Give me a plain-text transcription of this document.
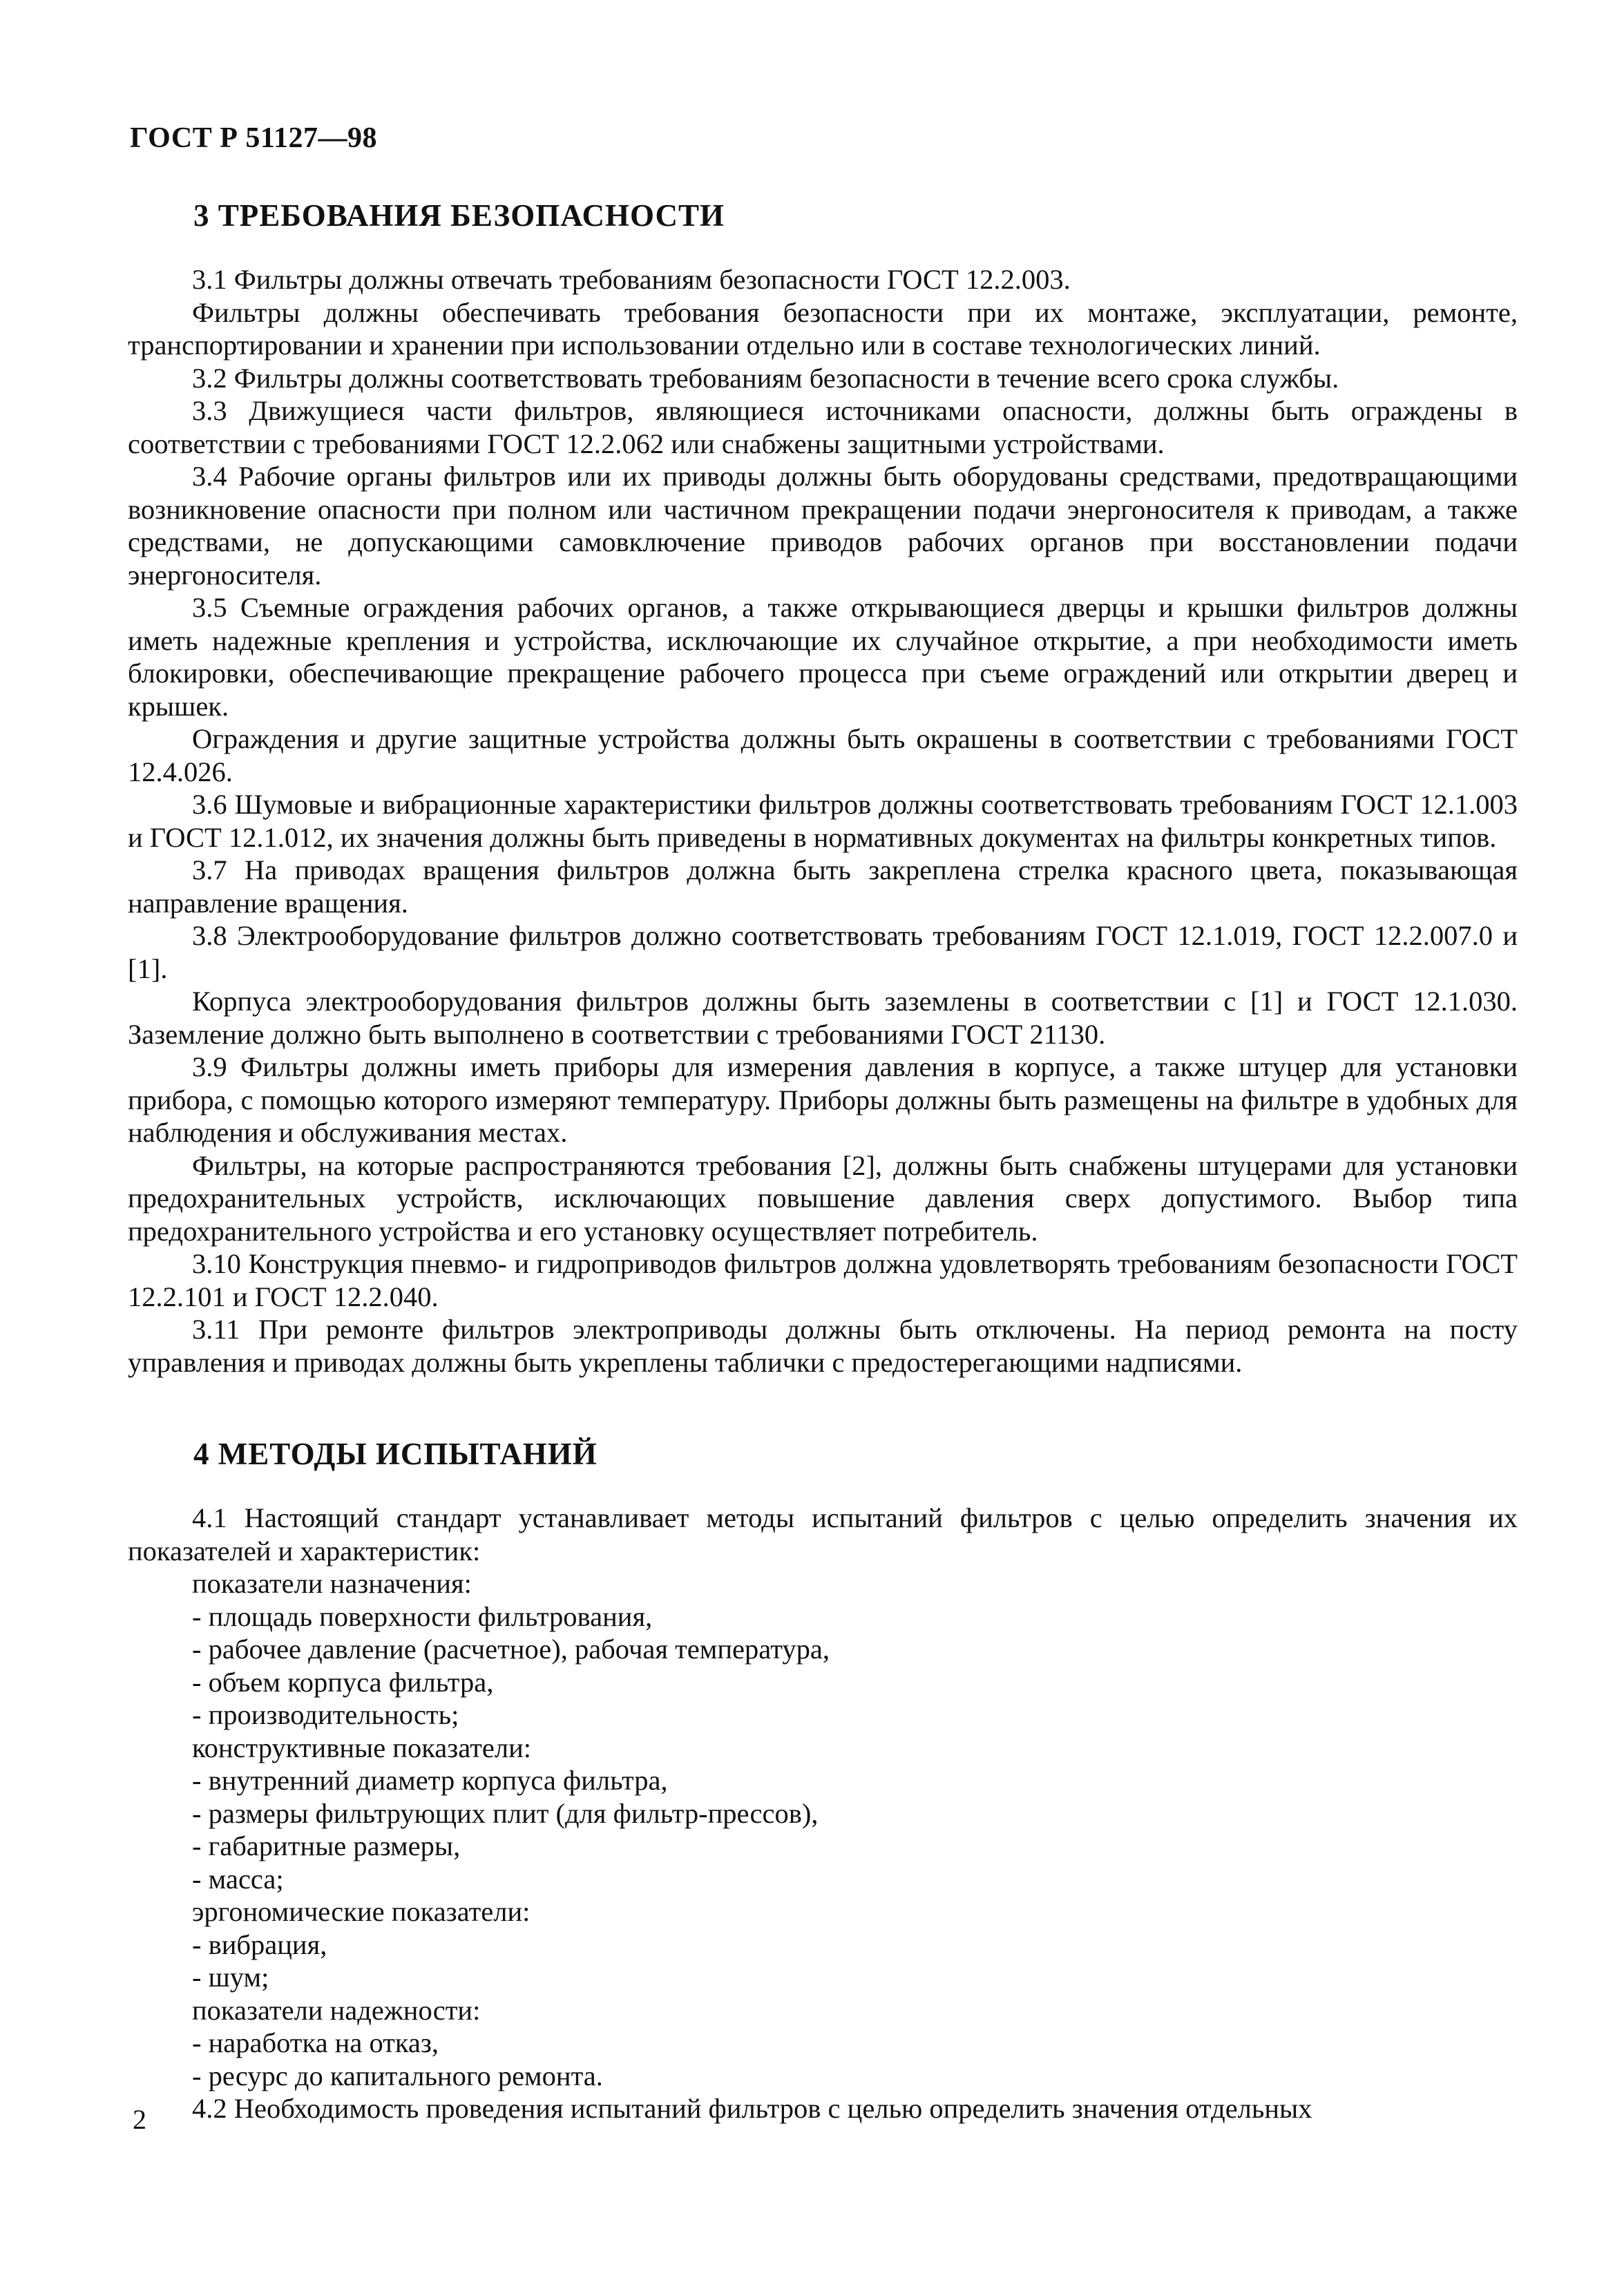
ГОСТ Р 51127—98
3 ТРЕБОВАНИЯ БЕЗОПАСНОСТИ

3.1 Фильтры должны отвечать требованиям безопасности ГОСТ 12.2.003.

Фильтры должны обеспечивать требования безопасности при их монтаже, эксплуатации, ремонте, транспортировании и хранении при использовании отдельно или в составе технологических линий.

3.2 Фильтры должны соответствовать требованиям безопасности в течение всего срока службы.

3.3 Движущиеся части фильтров, являющиеся источниками опасности, должны быть ограждены в соответствии с требованиями ГОСТ 12.2.062 или снабжены защитными устройствами.

3.4 Рабочие органы фильтров или их приводы должны быть оборудованы средствами, предотвращающими возникновение опасности при полном или частичном прекращении подачи энергоносителя к приводам, а также средствами, не допускающими самовключение приводов рабочих органов при восстановлении подачи энергоносителя.

3.5 Съемные ограждения рабочих органов, а также открывающиеся дверцы и крышки фильтров должны иметь надежные крепления и устройства, исключающие их случайное открытие, а при необходимости иметь блокировки, обеспечивающие прекращение рабочего процесса при съеме ограждений или открытии дверец и крышек.

Ограждения и другие защитные устройства должны быть окрашены в соответствии с требованиями ГОСТ 12.4.026.

3.6 Шумовые и вибрационные характеристики фильтров должны соответствовать требованиям ГОСТ 12.1.003 и ГОСТ 12.1.012, их значения должны быть приведены в нормативных документах на фильтры конкретных типов.

3.7 На приводах вращения фильтров должна быть закреплена стрелка красного цвета, показывающая направление вращения.

3.8 Электрооборудование фильтров должно соответствовать требованиям ГОСТ 12.1.019, ГОСТ 12.2.007.0 и [1].

Корпуса электрооборудования фильтров должны быть заземлены в соответствии с [1] и ГОСТ 12.1.030. Заземление должно быть выполнено в соответствии с требованиями ГОСТ 21130.

3.9 Фильтры должны иметь приборы для измерения давления в корпусе, а также штуцер для установки прибора, с помощью которого измеряют температуру. Приборы должны быть размещены на фильтре в удобных для наблюдения и обслуживания местах.

Фильтры, на которые распространяются требования [2], должны быть снабжены штуцерами для установки предохранительных устройств, исключающих повышение давления сверх допустимого. Выбор типа предохранительного устройства и его установку осуществляет потребитель.

3.10 Конструкция пневмо- и гидроприводов фильтров должна удовлетворять требованиям безопасности ГОСТ 12.2.101 и ГОСТ 12.2.040.

3.11 При ремонте фильтров электроприводы должны быть отключены. На период ремонта на посту управления и приводах должны быть укреплены таблички с предостерегающими надписями.

4 МЕТОДЫ ИСПЫТАНИЙ

4.1 Настоящий стандарт устанавливает методы испытаний фильтров с целью определить значения их показателей и характеристик:

показатели назначения:
- площадь поверхности фильтрования,
- рабочее давление (расчетное), рабочая температура,
- объем корпуса фильтра,
- производительность;
конструктивные показатели:
- внутренний диаметр корпуса фильтра,
- размеры фильтрующих плит (для фильтр-прессов),
- габаритные размеры,
- масса;
эргономические показатели:
- вибрация,
- шум;
показатели надежности:
- наработка на отказ,
- ресурс до капитального ремонта.

4.2 Необходимость проведения испытаний фильтров с целью определить значения отдельных

2
